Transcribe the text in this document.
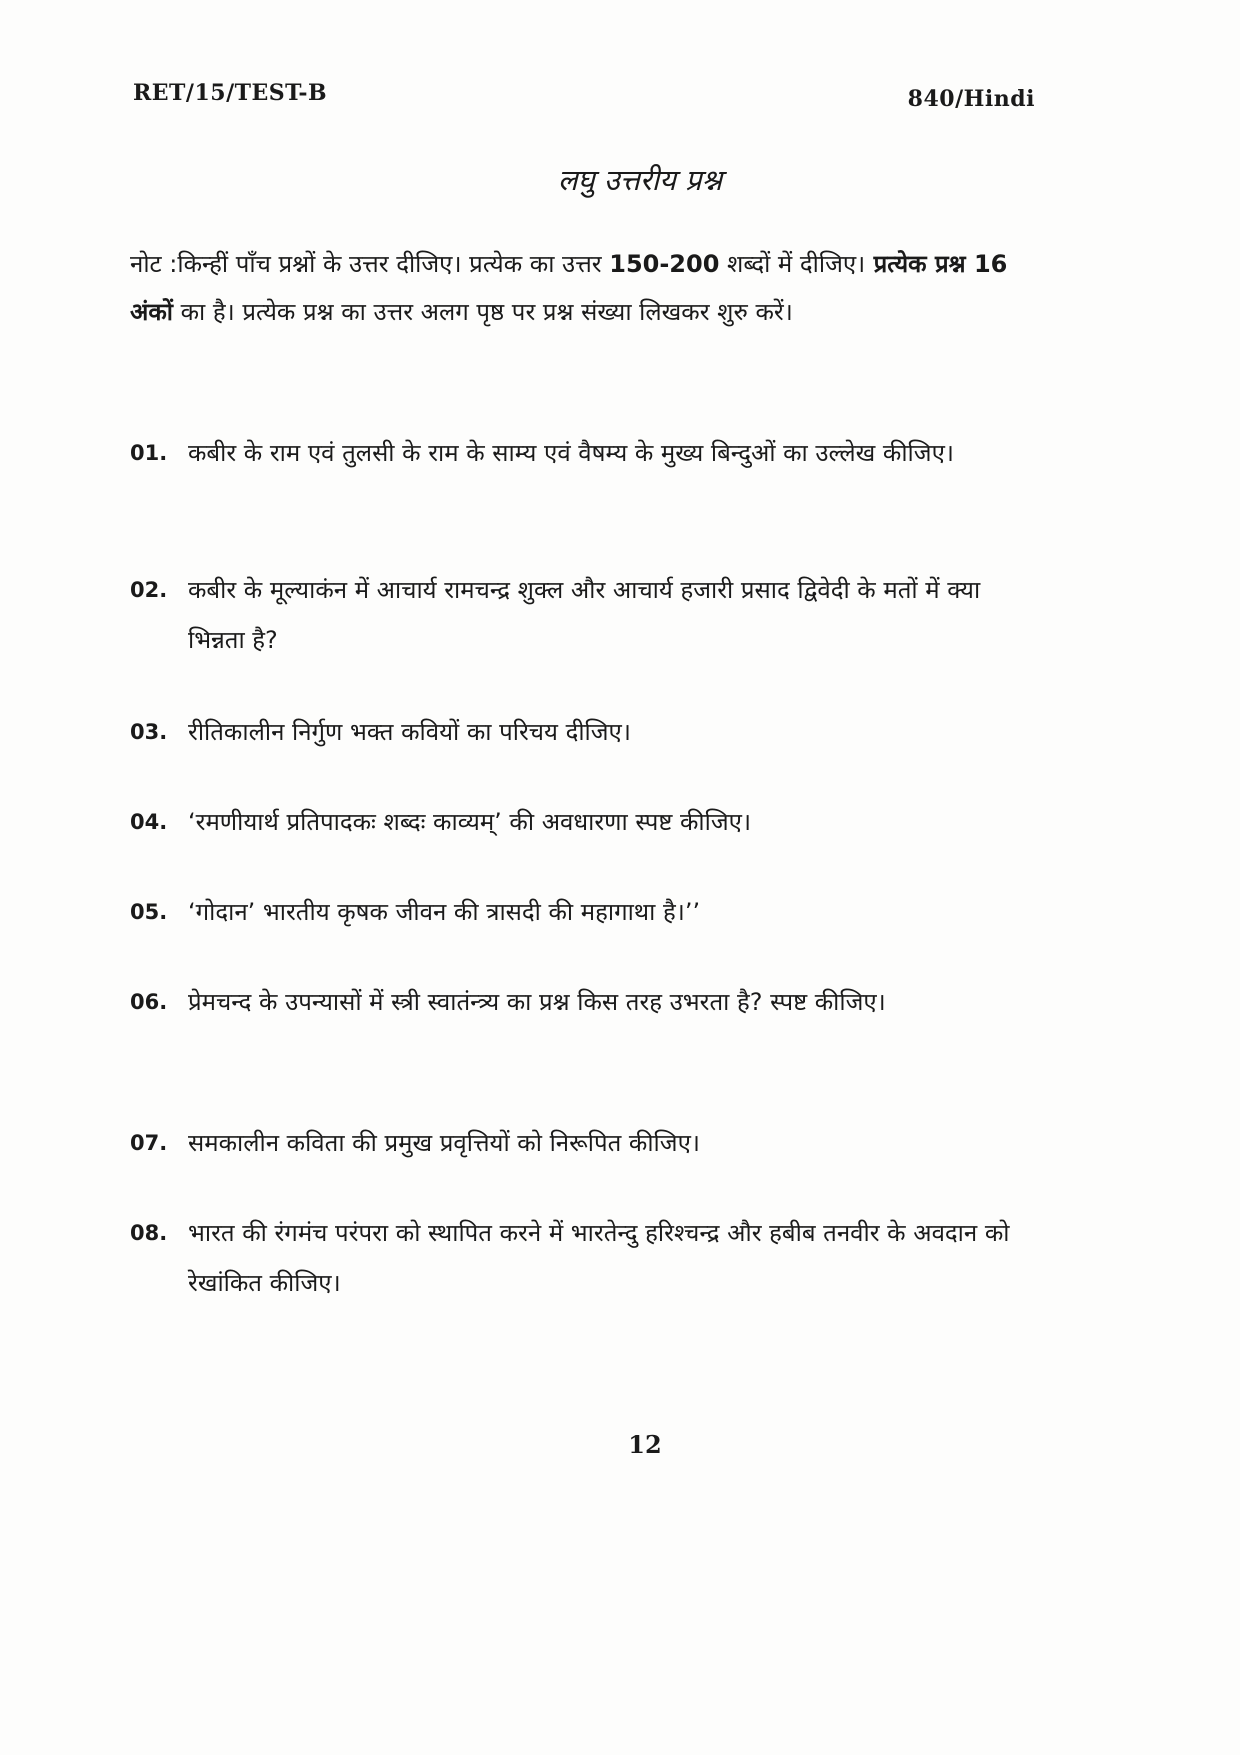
RET/15/TEST-B	840/Hindi
लघु उत्तरीय प्रश्न
नोट :किन्हीं पाँच प्रश्नों के उत्तर दीजिए। प्रत्येक का उत्तर 150-200 शब्दों में दीजिए। प्रत्येक प्रश्न 16 अंकों का है। प्रत्येक प्रश्न का उत्तर अलग पृष्ठ पर प्रश्न संख्या लिखकर शुरु करें।
01. कबीर के राम एवं तुलसी के राम के साम्य एवं वैषम्य के मुख्य बिन्दुओं का उल्लेख कीजिए।
02. कबीर के मूल्याकंन में आचार्य रामचन्द्र शुक्ल और आचार्य हजारी प्रसाद द्विवेदी के मतों में क्या भिन्नता है?
03. रीतिकालीन निर्गुण भक्त कवियों का परिचय दीजिए।
04. ‘रमणीयार्थ प्रतिपादकः शब्दः काव्यम्’ की अवधारणा स्पष्ट कीजिए।
05. ‘गोदान’ भारतीय कृषक जीवन की त्रासदी की महागाथा है।’’
06. प्रेमचन्द के उपन्यासों में स्त्री स्वातंन्त्र्य का प्रश्न किस तरह उभरता है? स्पष्ट कीजिए।
07. समकालीन कविता की प्रमुख प्रवृत्तियों को निरूपित कीजिए।
08. भारत की रंगमंच परंपरा को स्थापित करने में भारतेन्दु हरिश्चन्द्र और हबीब तनवीर के अवदान को रेखांकित कीजिए।
12
